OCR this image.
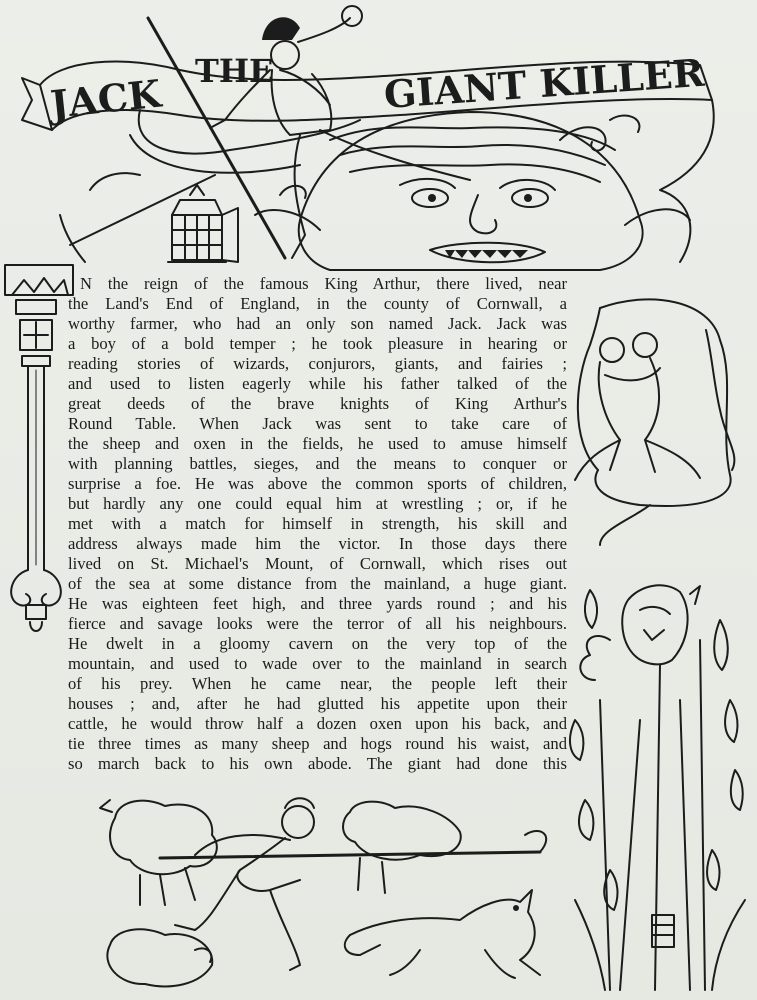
JACK THE	GIANT KILLER
N the reign of the famous King Arthur, there lived, near
the Land's End of England, in the county of Cornwall, a
worthy farmer, who had an only son named Jack. Jack was
a boy of a bold temper ; he took pleasure in hearing or
reading stories of wizards, conjurors, giants, and fairies ;
and used to listen eagerly while his father talked of the
great deeds of the brave knights of King Arthur's
Round Table. When Jack was sent to take care of
the sheep and oxen in the fields, he used to amuse himself
with planning battles, sieges, and the means to conquer or
surprise a foe. He was above the common sports of children,
but hardly any one could equal him at wrestling ; or, if he
met with a match for himself in strength, his skill and
address always made him the victor. In those days there
lived on St. Michael's Mount, of Cornwall, which rises out
of the sea at some distance from the mainland, a huge giant.
He was eighteen feet high, and three yards round ; and his
fierce and savage looks were the terror of all his neighbours.
He dwelt in a gloomy cavern on the very top of the
mountain, and used to wade over to the mainland in search
of his prey. When he came near, the people left their
houses ; and, after he had glutted his appetite upon their
cattle, he would throw half a dozen oxen upon his back, and
tie three times as many sheep and hogs round his waist, and
so march back to his own abode. The giant had done this
